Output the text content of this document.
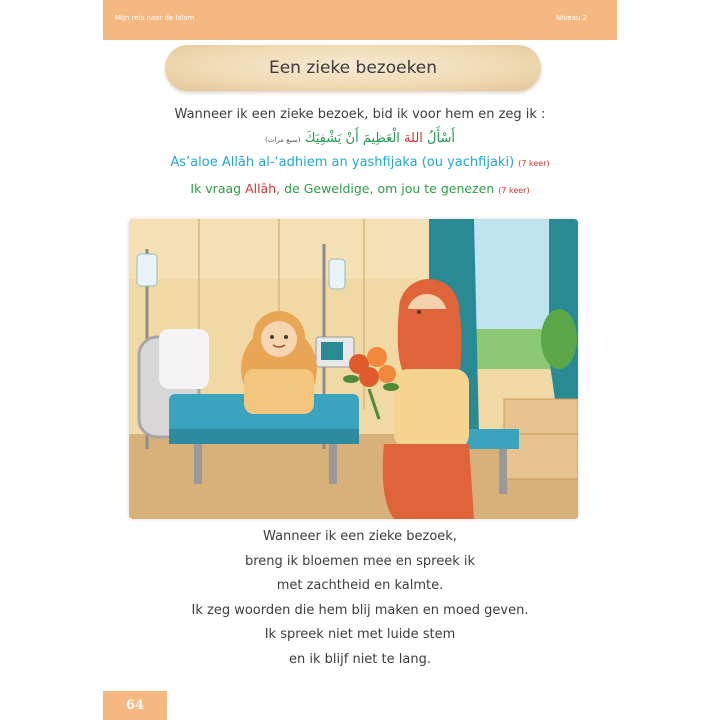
Mijn reis naar de Islam	Niveau 2
Een zieke bezoeken
Wanneer ik een zieke bezoek, bid ik voor hem en zeg ik :
أَسْأَلُ اللهَ الْعَظِيمَ أَنْ يَشْفِيَكَ (سبع مرات)
As’aloe Allāh al-‘adhiem an yashfijaka (ou yachfijaki) (7 keer)
Ik vraag Allāh, de Geweldige, om jou te genezen (7 keer)
Wanneer ik een zieke bezoek,
breng ik bloemen mee en spreek ik
met zachtheid en kalmte.
Ik zeg woorden die hem blij maken en moed geven.
Ik spreek niet met luide stem
en ik blijf niet te lang.
64
